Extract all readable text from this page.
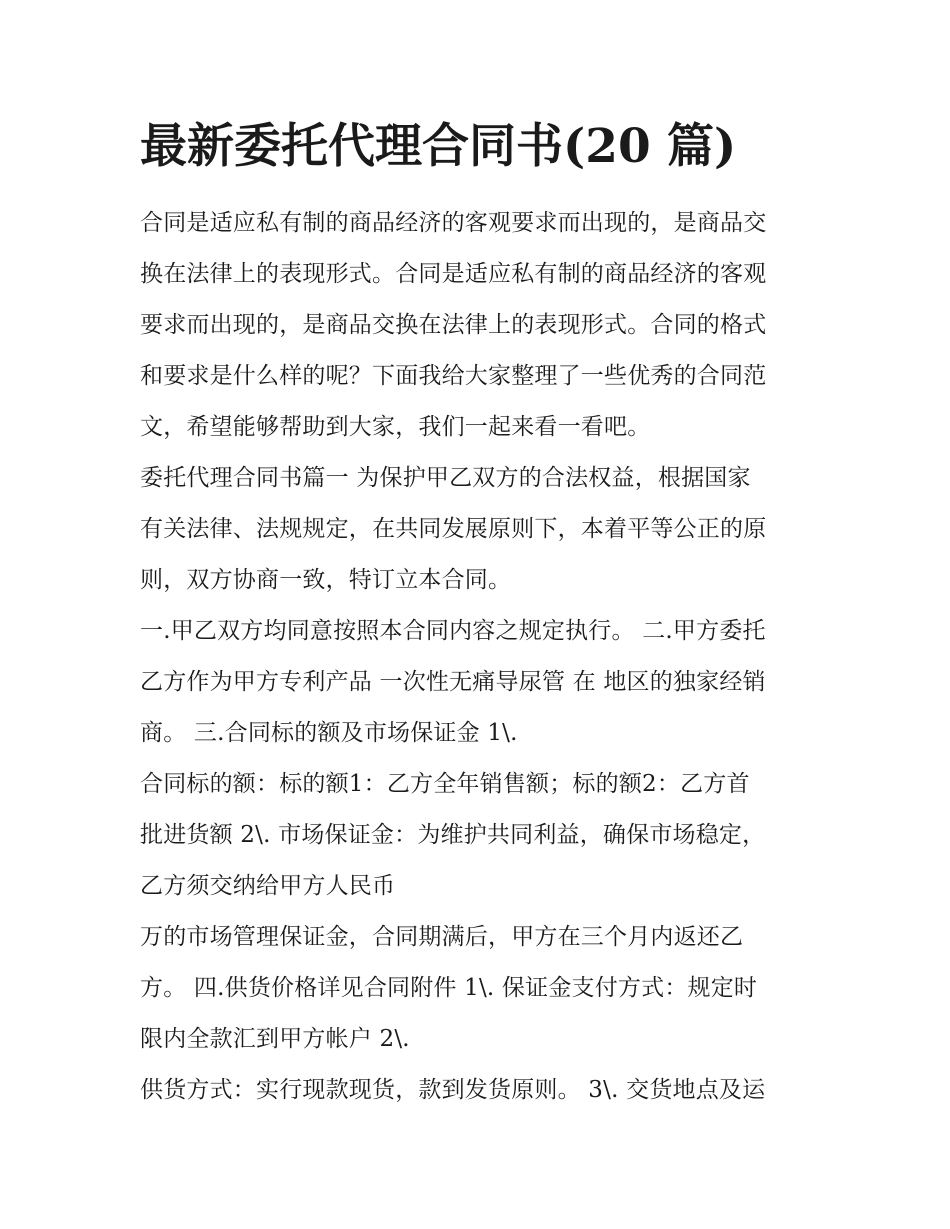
最新委托代理合同书(20 篇)
合同是适应私有制的商品经济的客观要求而出现的，是商品交
换在法律上的表现形式。合同是适应私有制的商品经济的客观
要求而出现的，是商品交换在法律上的表现形式。合同的格式
和要求是什么样的呢？下面我给大家整理了一些优秀的合同范
文，希望能够帮助到大家，我们一起来看一看吧。
委托代理合同书篇一 为保护甲乙双方的合法权益，根据国家
有关法律、法规规定，在共同发展原则下，本着平等公正的原
则，双方协商一致，特订立本合同。
一.甲乙双方均同意按照本合同内容之规定执行。 二.甲方委托
乙方作为甲方专利产品 一次性无痛导尿管 在 地区的独家经销
商。 三.合同标的额及市场保证金 1\.
合同标的额：标的额1：乙方全年销售额；标的额2：乙方首
批进货额 2\. 市场保证金：为维护共同利益，确保市场稳定，
乙方须交纳给甲方人民币
万的市场管理保证金，合同期满后，甲方在三个月内返还乙
方。 四.供货价格详见合同附件 1\. 保证金支付方式：规定时
限内全款汇到甲方帐户 2\.
供货方式：实行现款现货，款到发货原则。 3\. 交货地点及运
